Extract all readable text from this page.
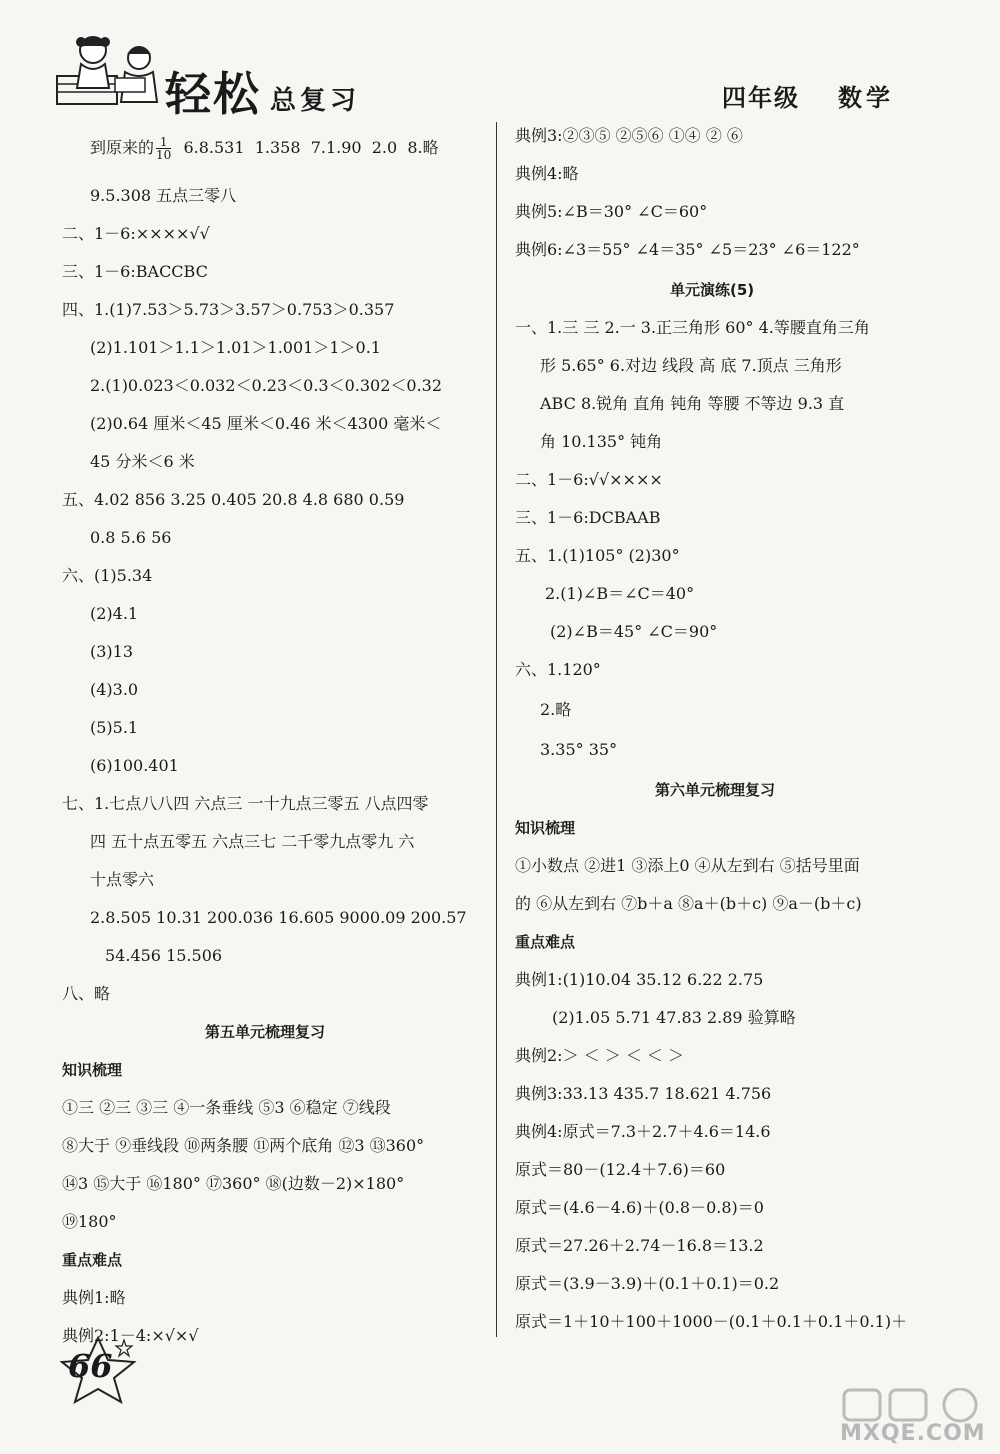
轻松 总复习	四年级 数学
到原来的 $\frac{1}{10} 6.8.531$  1.358  7.1.90  2.0  8.略
9.5.308 五点三零八
二、1－6:××××√√
三、1－6:BACCBC
四、1.(1)7.53＞5.73＞3.57＞0.753＞0.357
(2)1.101＞1.1＞1.01＞1.001＞1＞0.1
2.(1)0.023＜0.032＜0.23＜0.3＜0.302＜0.32
(2)0.64 厘米＜45 厘米＜0.46 米＜4300 毫米＜
45 分米＜6 米
五、4.02 856 3.25 0.405 20.8 4.8 680 0.59
0.8 5.6 56
六、(1)5.34
(2)4.1
(3)13
(4)3.0
(5)5.1
(6)100.401
七、1.七点八八四 六点三 一十九点三零五 八点四零
四 五十点五零五 六点三七 二千零九点零九 六
十点零六
2.8.505 10.31 200.036 16.605 9000.09 200.57
54.456 15.506
八、略
第五单元梳理复习
知识梳理
①三 ②三 ③三 ④一条垂线 ⑤3 ⑥稳定 ⑦线段
⑧大于 ⑨垂线段 ⑩两条腰 ⑪两个底角 ⑫3 ⑬360°
⑭3 ⑮大于 ⑯180° ⑰360° ⑱(边数－2)×180°
⑲180°
重点难点
典例1:略
典例2:1－4:×√×√
典例3:②③⑤ ②⑤⑥ ①④ ② ⑥
典例4:略
典例5:∠B＝30° ∠C＝60°
典例6:∠3＝55° ∠4＝35° ∠5＝23° ∠6＝122°
单元演练(5)
一、1.三 三 2.一 3.正三角形 60° 4.等腰直角三角
形 5.65° 6.对边 线段 高 底 7.顶点 三角形
ABC 8.锐角 直角 钝角 等腰 不等边 9.3 直
角 10.135° 钝角
二、1－6:√√××××
三、1－6:DCBAAB
五、1.(1)105° (2)30°
2.(1)∠B＝∠C＝40°
(2)∠B＝45° ∠C＝90°
六、1.120°
2.略
3.35° 35°
第六单元梳理复习
知识梳理
①小数点 ②进1 ③添上0 ④从左到右 ⑤括号里面
的 ⑥从左到右 ⑦b＋a ⑧a＋(b＋c) ⑨a－(b＋c)
重点难点
典例1:(1)10.04 35.12 6.22 2.75
(2)1.05 5.71 47.83 2.89 验算略
典例2:＞ ＜ ＞ ＜ ＜ ＞
典例3:33.13 435.7 18.621 4.756
典例4:原式＝7.3＋2.7＋4.6＝14.6
原式＝80－(12.4＋7.6)＝60
原式＝(4.6－4.6)＋(0.8－0.8)＝0
原式＝27.26＋2.74－16.8＝13.2
原式＝(3.9－3.9)＋(0.1＋0.1)＝0.2
原式＝1＋10＋100＋1000－(0.1＋0.1＋0.1＋0.1)＋
66
MXQE.COM
